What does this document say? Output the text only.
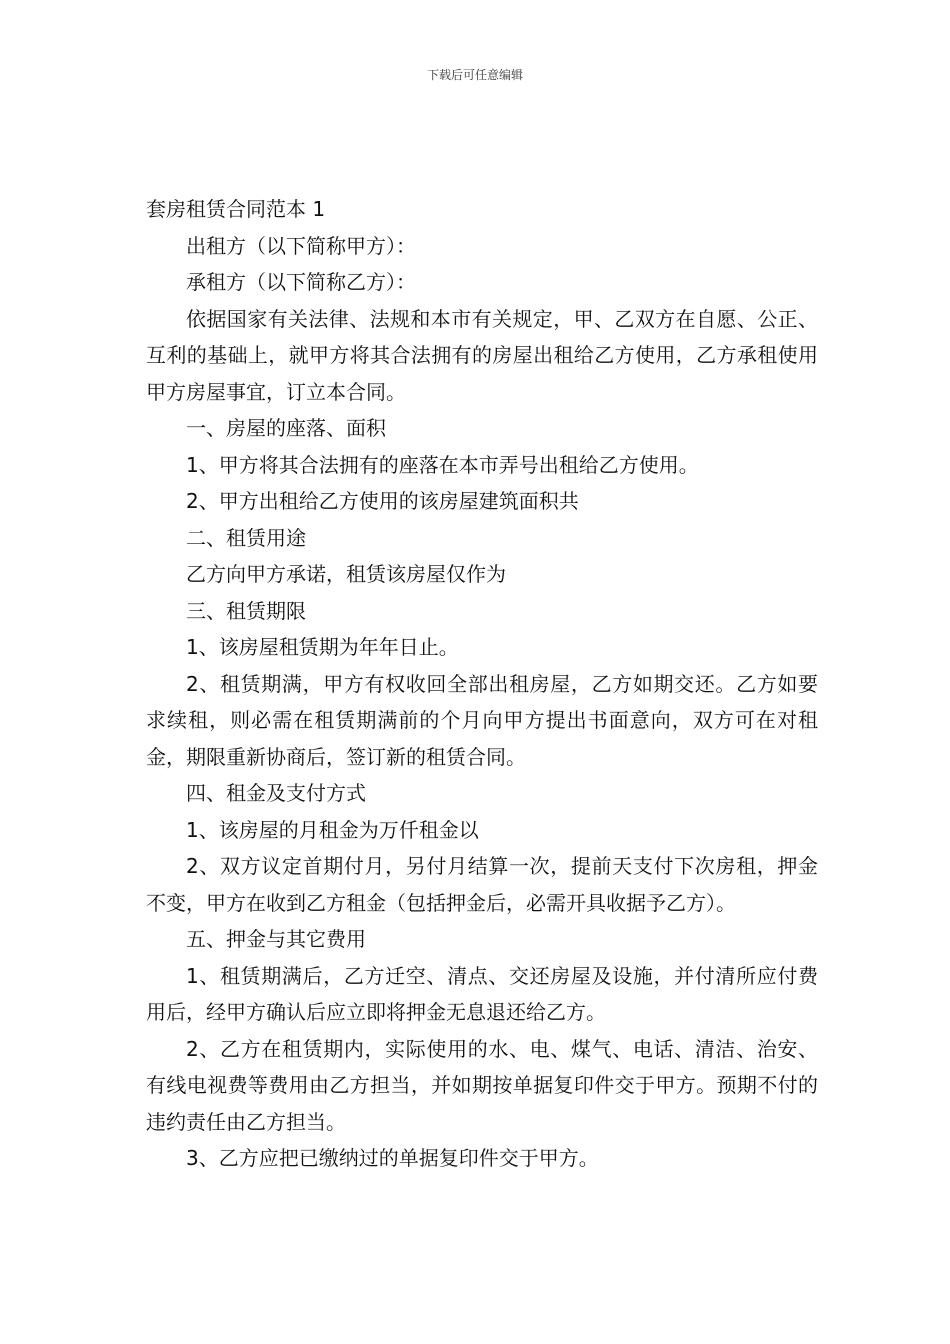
下载后可任意编辑
套房租赁合同范本 1

出租方（以下简称甲方）：

承租方（以下简称乙方）：

依据国家有关法律、法规和本市有关规定，甲、乙双方在自愿、公正、互利的基础上，就甲方将其合法拥有的房屋出租给乙方使用，乙方承租使用甲方房屋事宜，订立本合同。

一、房屋的座落、面积

1、甲方将其合法拥有的座落在本市弄号出租给乙方使用。

2、甲方出租给乙方使用的该房屋建筑面积共

二、租赁用途

乙方向甲方承诺，租赁该房屋仅作为

三、租赁期限

1、该房屋租赁期为年年日止。

2、租赁期满，甲方有权收回全部出租房屋，乙方如期交还。乙方如要求续租，则必需在租赁期满前的个月向甲方提出书面意向，双方可在对租金，期限重新协商后，签订新的租赁合同。

四、租金及支付方式

1、该房屋的月租金为万仟租金以

2、双方议定首期付月，另付月结算一次，提前天支付下次房租，押金不变，甲方在收到乙方租金（包括押金后，必需开具收据予乙方）。

五、押金与其它费用

1、租赁期满后，乙方迁空、清点、交还房屋及设施，并付清所应付费用后，经甲方确认后应立即将押金无息退还给乙方。

2、乙方在租赁期内，实际使用的水、电、煤气、电话、清洁、治安、有线电视费等费用由乙方担当，并如期按单据复印件交于甲方。预期不付的违约责任由乙方担当。

3、乙方应把已缴纳过的单据复印件交于甲方。
